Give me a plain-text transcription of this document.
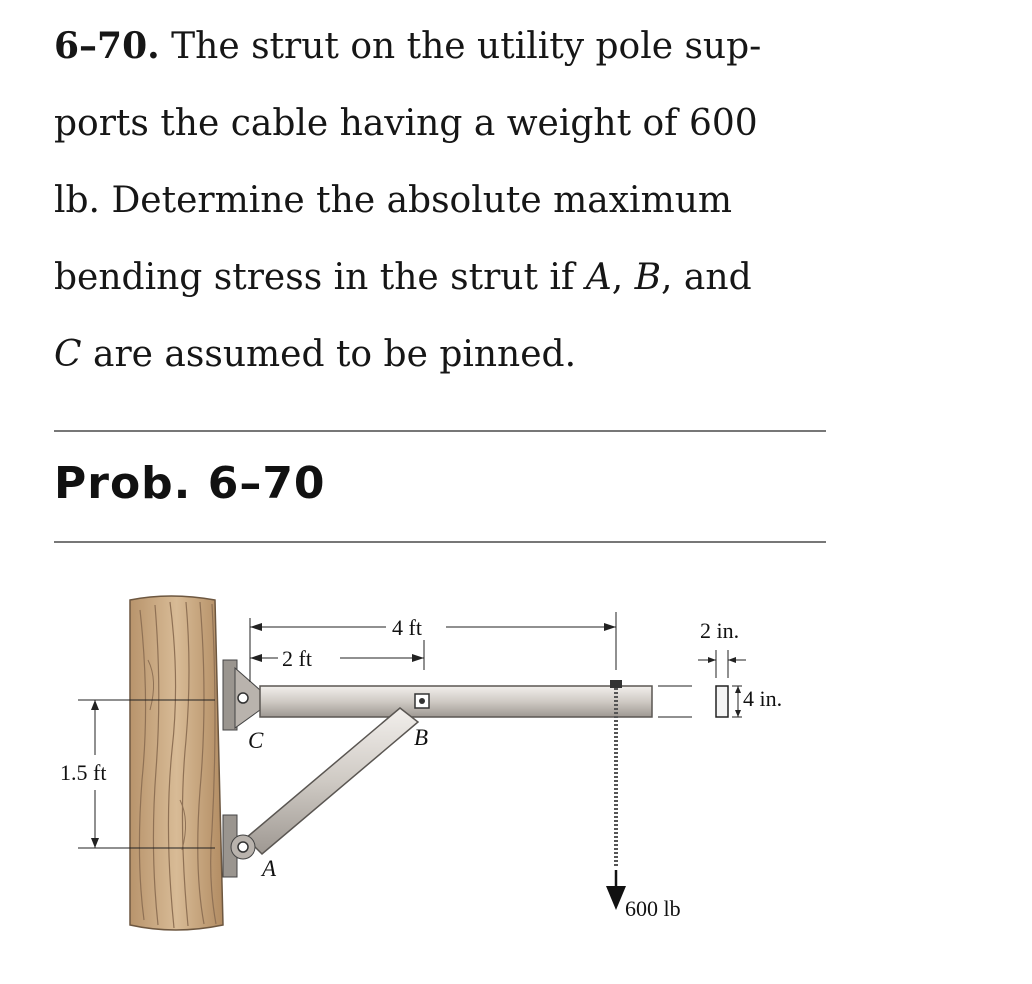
6–70. The strut on the utility pole sup-
ports the cable having a weight of 600
lb. Determine the absolute maximum
bending stress in the strut if A, B, and
C are assumed to be pinned.
Prob. 6–70
1.5 ft
600 lb
4 ft
2 ft
C	B
A
2 in.
4 in.
